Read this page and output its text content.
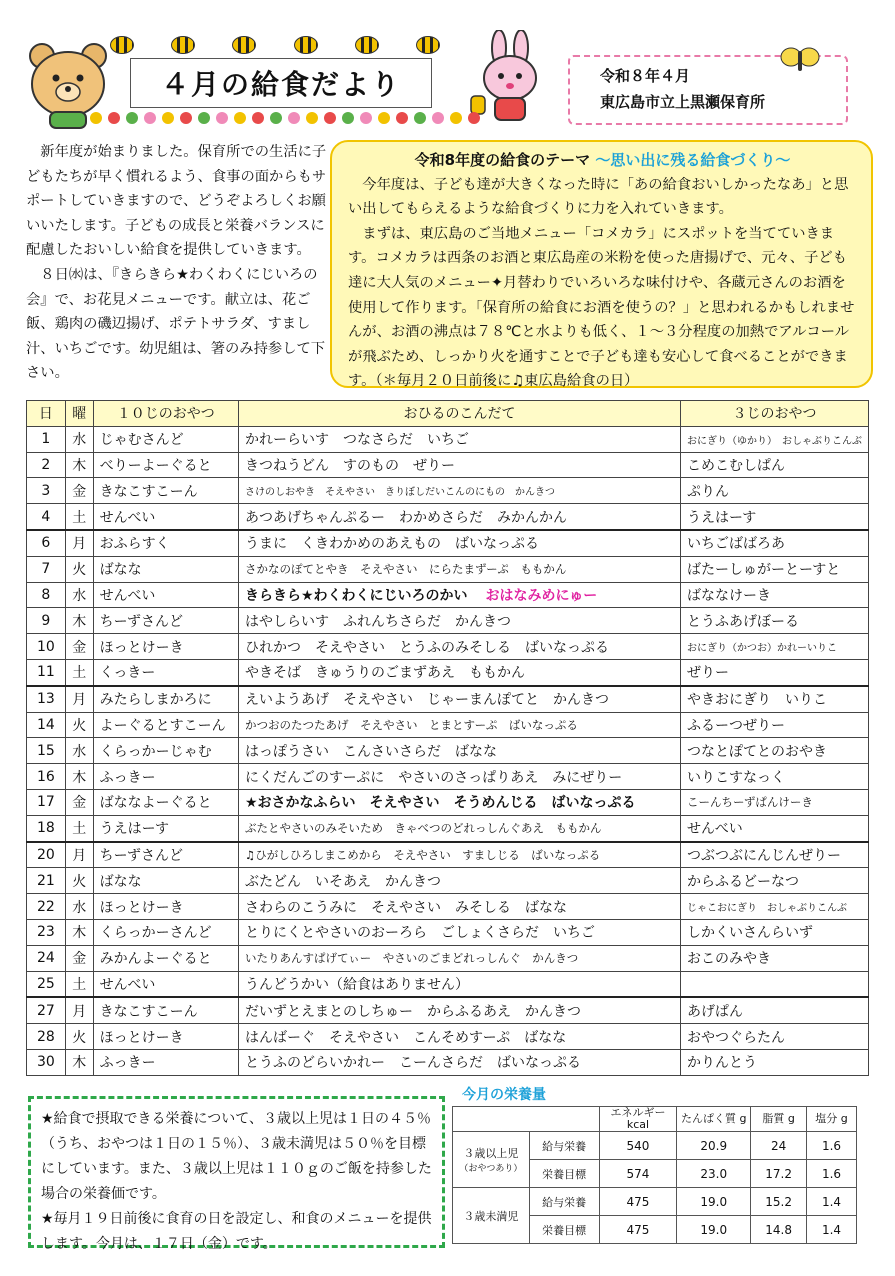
４月の給食だより	令和８年４月
東広島市立上黒瀬保育所

新年度が始まりました。保育所での生活に子どもたちが早く慣れるよう、食事の面からもサポートしていきますので、どうぞよろしくお願いいたします。子どもの成長と栄養バランスに配慮したおいしい給食を提供していきます。

８日㈬は、『きらきら★わくわくにじいろの会』で、お花見メニューです。献立は、花ご飯、鶏肉の磯辺揚げ、ポテトサラダ、すまし汁、いちごです。幼児組は、箸のみ持参して下さい。

令和8年度の給食のテーマ ～思い出に残る給食づくり～

今年度は、子ども達が大きくなった時に「あの給食おいしかったなあ」と思い出してもらえるような給食づくりに力を入れていきます。

まずは、東広島のご当地メニュー「コメカラ」にスポットを当てていきます。コメカラは西条のお酒と東広島産の米粉を使った唐揚げで、元々、子ども達に大人気のメニュー✦月替わりでいろいろな味付けや、各蔵元さんのお酒を使用して作ります。「保育所の給食にお酒を使うの？」と思われるかもしれませんが、お酒の沸点は７８℃と水よりも低く、１～３分程度の加熱でアルコールが飛ぶため、しっかり火を通すことで子ども達も安心して食べることができます。（＊毎月２０日前後に♫東広島給食の日）

日	曜	１０じのおやつ	おひるのこんだて	３じのおやつ
1	水	じゃむさんど	かれーらいす　つなさらだ　いちご	おにぎり（ゆかり）　おしゃぶりこんぶ
2	木	べりーよーぐると	きつねうどん　すのもの　ぜりー	こめこむしぱん
3	金	きなこすこーん	さけのしおやき　そえやさい　きりぼしだいこんのにもの　かんきつ	ぷりん
4	土	せんべい	あつあげちゃんぷるー　わかめさらだ　みかんかん	うえはーす
6	月	おふらすく	うまに　くきわかめのあえもの　ばいなっぷる	いちごばばろあ
7	火	ばなな	さかなのぽてとやき　そえやさい　にらたまずーぷ　ももかん	ばたーしゅがーとーすと
8	水	せんべい	きらきら★わくわくにじいろのかい おはなみめにゅー	ばななけーき
9	木	ちーずさんど	はやしらいす　ふれんちさらだ　かんきつ	とうふあげぼーる
10	金	ほっとけーき	ひれかつ　そえやさい　とうふのみそしる　ばいなっぷる	おにぎり（かつお）かれーいりこ
11	土	くっきー	やきそば　きゅうりのごまずあえ　ももかん	ぜりー
13	月	みたらしまかろに	えいようあげ　そえやさい　じゃーまんぽてと　かんきつ	やきおにぎり　いりこ
14	火	よーぐるとすこーん	かつおのたつたあげ　そえやさい　とまとすーぷ　ばいなっぷる	ふるーつぜりー
15	水	くらっかーじゃむ	はっぽうさい　こんさいさらだ　ばなな	つなとぽてとのおやき
16	木	ふっきー	にくだんごのすーぷに　やさいのさっぱりあえ　みにぜりー	いりこすなっく
17	金	ばななよーぐると	★おさかなふらい　そえやさい　そうめんじる　ばいなっぷる	こーんちーずぱんけーき
18	土	うえはーす	ぶたとやさいのみそいため　きゃべつのどれっしんぐあえ　ももかん	せんべい
20	月	ちーずさんど	♫ひがしひろしまこめから　そえやさい　すましじる　ばいなっぷる	つぶつぶにんじんぜりー
21	火	ばなな	ぶたどん　いそあえ　かんきつ	からふるどーなつ
22	水	ほっとけーき	さわらのこうみに　そえやさい　みそしる　ばなな	じゃこおにぎり　おしゃぶりこんぶ
23	木	くらっかーさんど	とりにくとやさいのおーろら　ごしょくさらだ　いちご	しかくいさんらいず
24	金	みかんよーぐると	いたりあんすぱげてぃー　やさいのごまどれっしんぐ　かんきつ	おこのみやき
25	土	せんべい	うんどうかい（給食はありません）	
27	月	きなこすこーん	だいずとえまとのしちゅー　からふるあえ　かんきつ	あげぱん
28	火	ほっとけーき	はんばーぐ　そえやさい　こんそめすーぷ　ばなな	おやつぐらたん
30	木	ふっきー	とうふのどらいかれー　こーんさらだ　ばいなっぷる	かりんとう

★給食で摂取できる栄養について、３歳以上児は１日の４５％（うち、おやつは１日の１５％）、３歳未満児は５０％を目標にしています。また、３歳以上児は１１０ｇのご飯を持参した場合の栄養価です。

★毎月１９日前後に食育の日を設定し、和食のメニューを提供します。今月は、１７日（金）です。

今月の栄養量
		エネルギー kcal	たんぱく質 g	脂質 g	塩分 g

３歳以上児
（おやつあり）	給与栄養	540	20.9	24	1.6
	栄養目標	574	23.0	17.2	1.6

３歳未満児	給与栄養	475	19.0	15.2	1.4
	栄養目標	475	19.0	14.8	1.4
